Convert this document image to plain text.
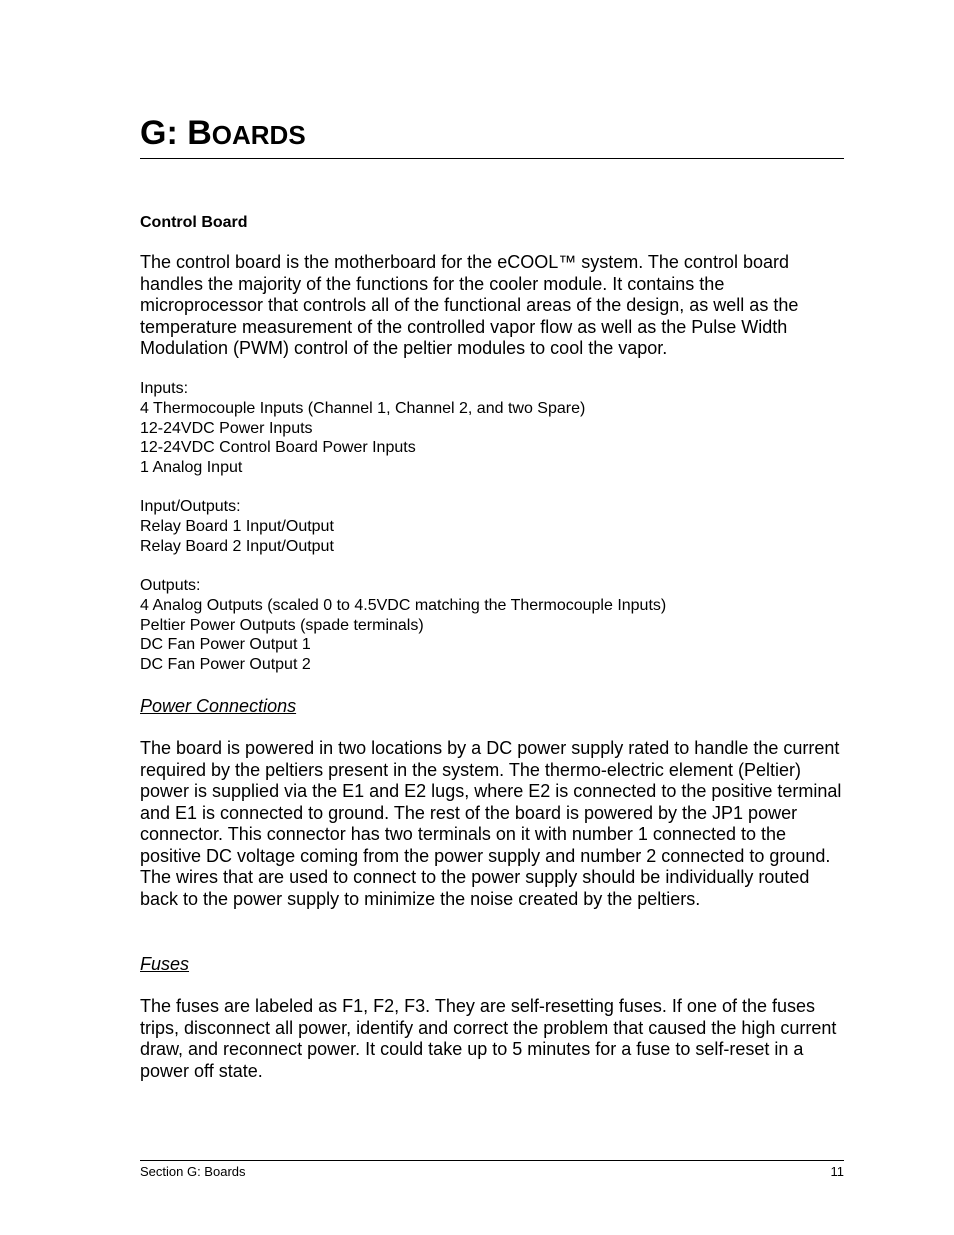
G: BOARDS
Control Board

The control board is the motherboard for the eCOOL™ system. The control board handles the majority of the functions for the cooler module. It contains the microprocessor that controls all of the functional areas of the design, as well as the temperature measurement of the controlled vapor flow as well as the Pulse Width Modulation (PWM) control of the peltier modules to cool the vapor.

Inputs:
4 Thermocouple Inputs (Channel 1, Channel 2, and two Spare)
12-24VDC Power Inputs
12-24VDC Control Board Power Inputs
1 Analog Input
Input/Outputs:
Relay Board 1 Input/Output
Relay Board 2 Input/Output
Outputs:
4 Analog Outputs (scaled 0 to 4.5VDC matching the Thermocouple Inputs)
Peltier Power Outputs (spade terminals)
DC Fan Power Output 1
DC Fan Power Output 2

Power Connections

The board is powered in two locations by a DC power supply rated to handle the current required by the peltiers present in the system. The thermo-electric element (Peltier) power is supplied via the E1 and E2 lugs, where E2 is connected to the positive terminal and E1 is connected to ground. The rest of the board is powered by the JP1 power connector. This connector has two terminals on it with number 1 connected to the positive DC voltage coming from the power supply and number 2 connected to ground. The wires that are used to connect to the power supply should be individually routed back to the power supply to minimize the noise created by the peltiers.

Fuses

The fuses are labeled as F1, F2, F3. They are self-resetting fuses. If one of the fuses trips, disconnect all power, identify and correct the problem that caused the high current draw, and reconnect power. It could take up to 5 minutes for a fuse to self-reset in a power off state.

Section G: Boards	11
